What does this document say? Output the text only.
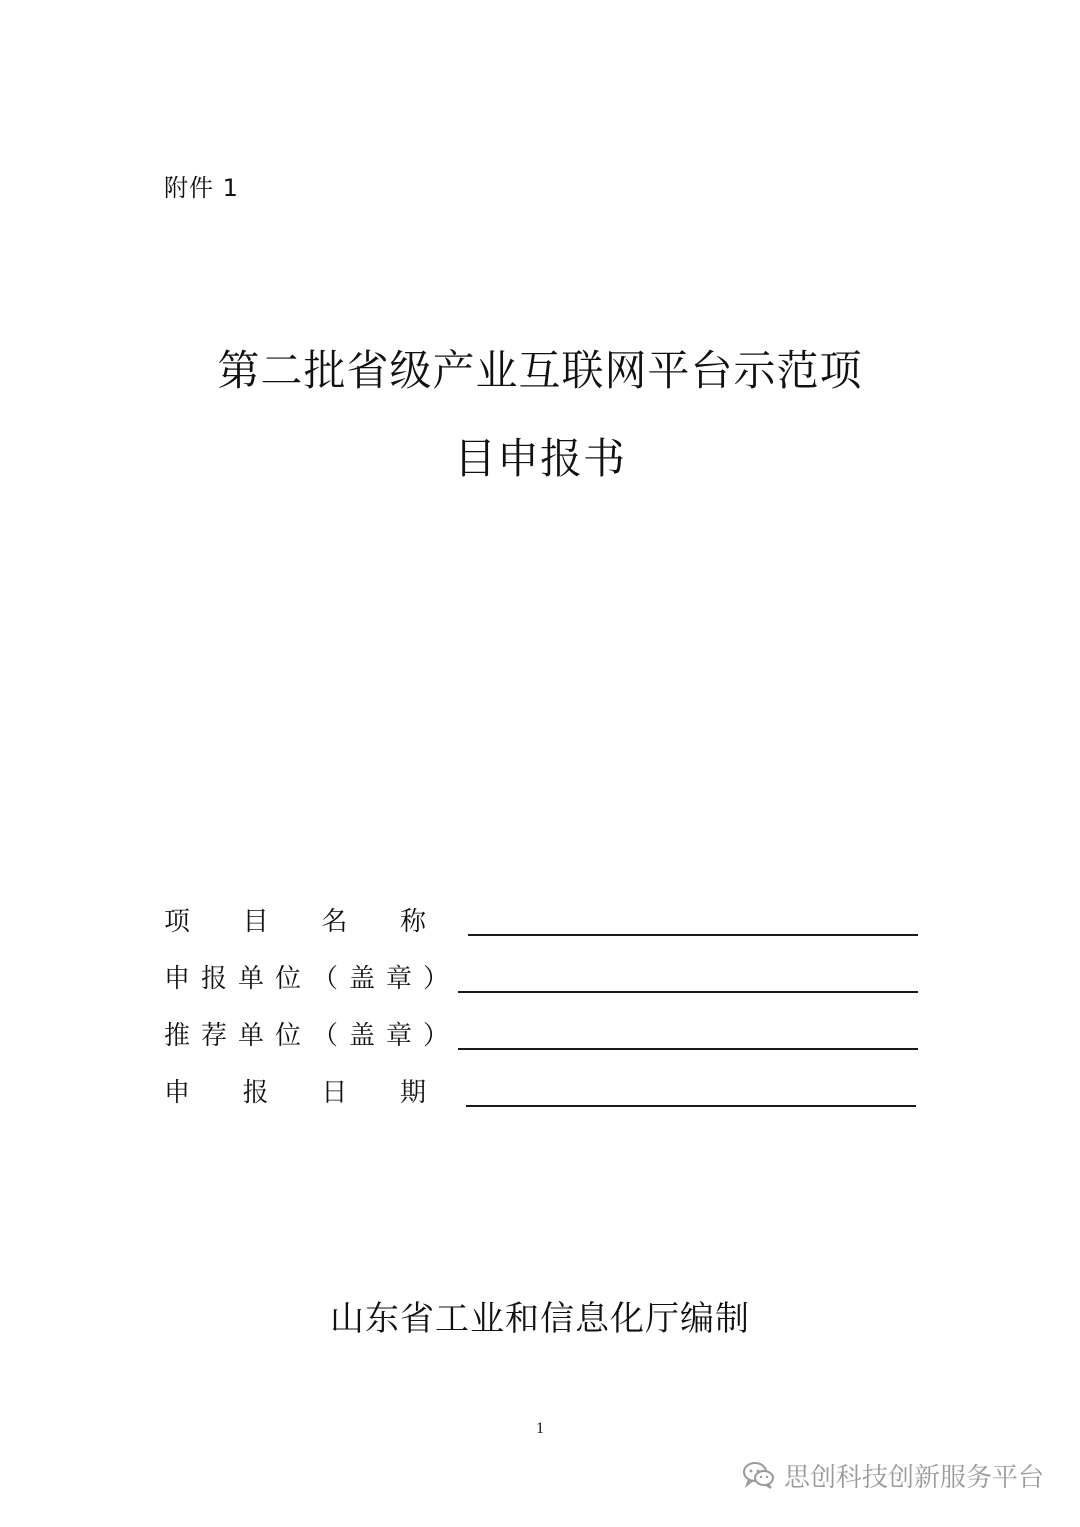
附件 1
第二批省级产业互联网平台示范项
目申报书
项 目 名 称
申报单位（盖章）
推荐单位（盖章）
申 报 日 期
山东省工业和信息化厅编制
1
思创科技创新服务平台
